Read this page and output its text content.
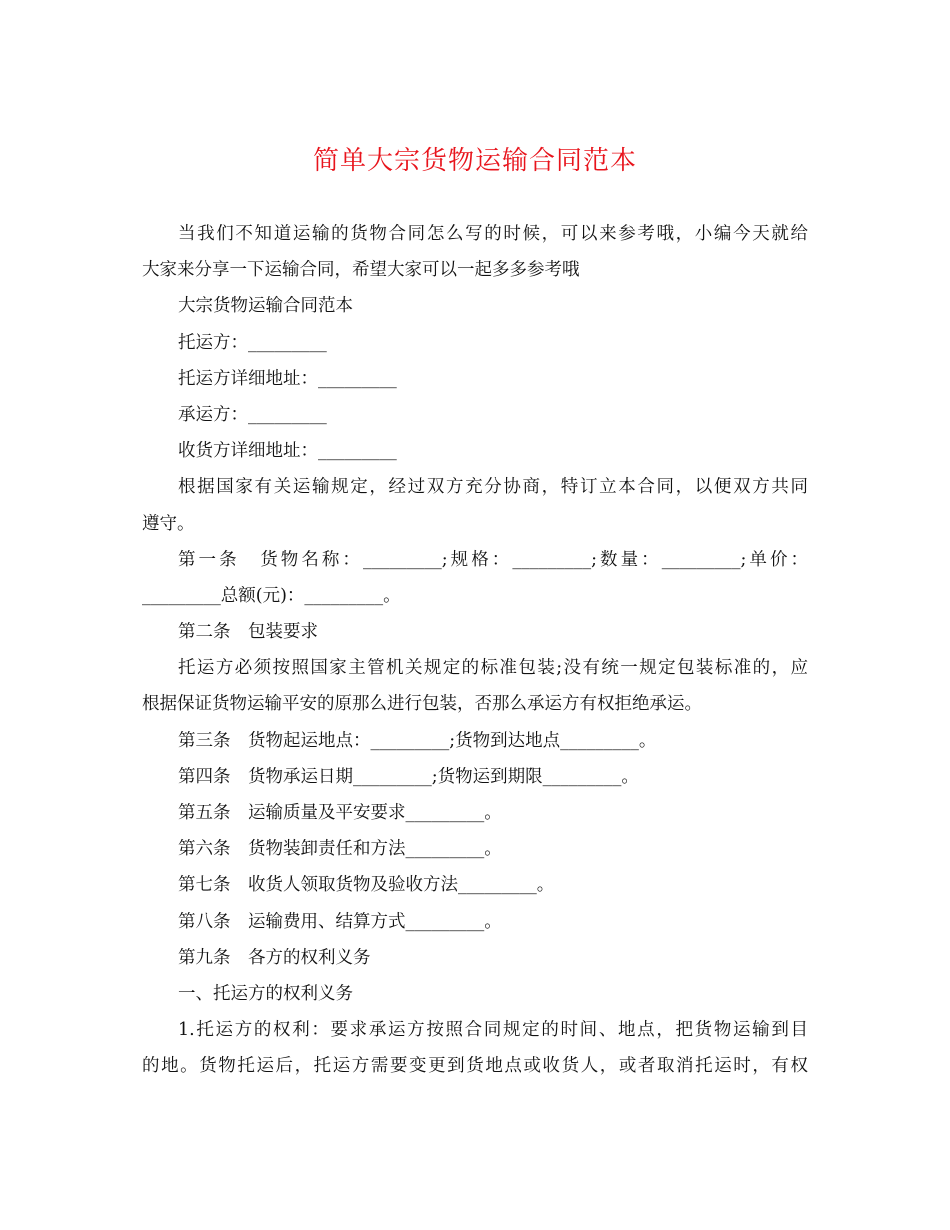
简单大宗货物运输合同范本
当我们不知道运输的货物合同怎么写的时候，可以来参考哦，小编今天就给
大家来分享一下运输合同，希望大家可以一起多多参考哦
大宗货物运输合同范本
托运方：_________
托运方详细地址：_________
承运方：_________
收货方详细地址：_________
根据国家有关运输规定，经过双方充分协商，特订立本合同，以便双方共同
遵守。
第一条　货物名称：_________;规格：_________;数量：_________;单价：
_________总额(元)：_________。
第二条　包装要求
托运方必须按照国家主管机关规定的标准包装;没有统一规定包装标准的，应
根据保证货物运输平安的原那么进行包装，否那么承运方有权拒绝承运。
第三条　货物起运地点：_________;货物到达地点_________。
第四条　货物承运日期_________;货物运到期限_________。
第五条　运输质量及平安要求_________。
第六条　货物装卸责任和方法_________。
第七条　收货人领取货物及验收方法_________。
第八条　运输费用、结算方式_________。
第九条　各方的权利义务
一、托运方的权利义务
1.托运方的权利：要求承运方按照合同规定的时间、地点，把货物运输到目
的地。货物托运后，托运方需要变更到货地点或收货人，或者取消托运时，有权
